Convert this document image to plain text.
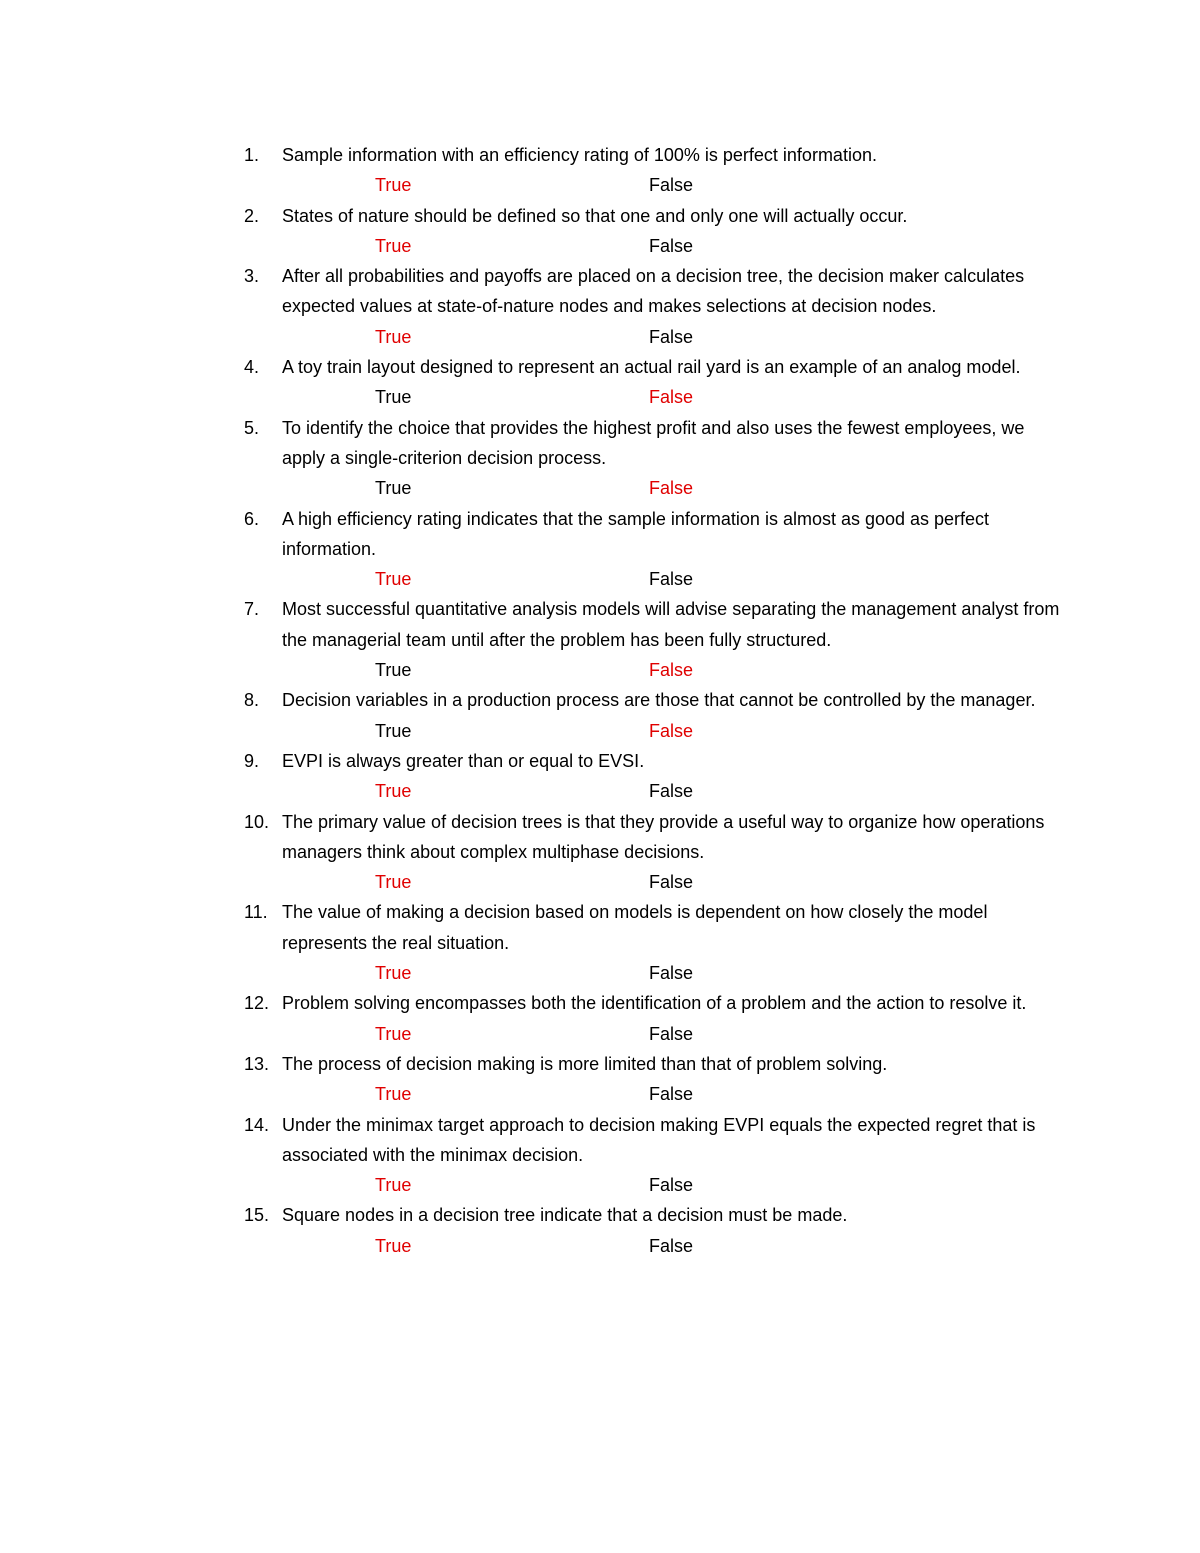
1.	Sample information with an efficiency rating of 100% is perfect information.
True	False
2.	States of nature should be defined so that one and only one will actually occur.
True	False
3.	After all probabilities and payoffs are placed on a decision tree, the decision maker calculates expected values at state-of-nature nodes and makes selections at decision nodes.
True	False
4.	A toy train layout designed to represent an actual rail yard is an example of an analog model.
True	False
5.	To identify the choice that provides the highest profit and also uses the fewest employees, we apply a single-criterion decision process.
True	False
6.	A high efficiency rating indicates that the sample information is almost as good as perfect information.
True	False
7.	Most successful quantitative analysis models will advise separating the management analyst from the managerial team until after the problem has been fully structured.
True	False
8.	Decision variables in a production process are those that cannot be controlled by the manager.
True	False
9.	EVPI is always greater than or equal to EVSI.
True	False
10. The primary value of decision trees is that they provide a useful way to organize how operations managers think about complex multiphase decisions.
True	False
11. The value of making a decision based on models is dependent on how closely the model represents the real situation.
True	False
12. Problem solving encompasses both the identification of a problem and the action to resolve it.
True	False
13. The process of decision making is more limited than that of problem solving.
True	False
14. Under the minimax target approach to decision making EVPI equals the expected regret that is associated with the minimax decision.
True	False
15. Square nodes in a decision tree indicate that a decision must be made.
True	False
